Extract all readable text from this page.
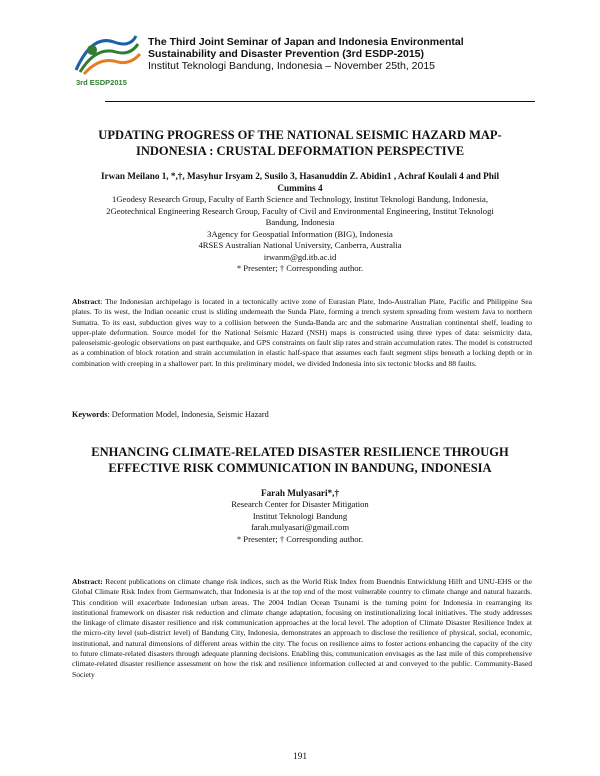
3rd ESDP2015
The Third Joint Seminar of Japan and Indonesia Environmental
Sustainability and Disaster Prevention (3rd ESDP-2015)
Institut Teknologi Bandung, Indonesia – November 25th, 2015
UPDATING PROGRESS OF THE NATIONAL SEISMIC HAZARD MAP-
INDONESIA : CRUSTAL DEFORMATION PERSPECTIVE
Irwan Meilano 1, *,†, Masyhur Irsyam 2, Susilo 3, Hasanuddin Z. Abidin1 , Achraf Koulali 4 and Phil
Cummins 4
1Geodesy Research Group, Faculty of Earth Science and Technology, Institut Teknologi Bandung, Indonesia,
2Geotechnical Engineering Research Group, Faculty of Civil and Environmental Engineering, Institut Teknologi
Bandung, Indonesia
3Agency for Geospatial Information (BIG), Indonesia
4RSES Australian National University, Canberra, Australia
irwanm@gd.itb.ac.id
* Presenter; † Corresponding author.
Abstract: The Indonesian archipelago is located in a tectonically active zone of Eurasian Plate, Indo-Australian Plate, Pacific and Philippine Sea plates. To its west, the Indian oceanic crust is sliding underneath the Sunda Plate, forming a trench system spreading from western Java to northern Sumatra. To its east, subduction gives way to a collision between the Sunda-Banda arc and the submarine Australian continental shelf, leading to upper-plate deformation. Source model for the National Seismic Hazard (NSH) maps is constructed using three types of data: seismicity data, paleoseismic-geologic observations on past earthquake, and GPS constraints on fault slip rates and strain accumulation rates. The model is constructed as a combination of block rotation and strain accumulation in elastic half-space that assumes each fault segment slips beneath a locking depth or in combination with creeping in a shallower part. In this preliminary model, we divided Indonesia into six tectonic blocks and 88 faults.
Keywords: Deformation Model, Indonesia, Seismic Hazard
ENHANCING CLIMATE-RELATED DISASTER RESILIENCE THROUGH
EFFECTIVE RISK COMMUNICATION IN BANDUNG, INDONESIA
Farah Mulyasari*,†
Research Center for Disaster Mitigation
Institut Teknologi Bandung
farah.mulyasari@gmail.com
* Presenter; † Corresponding author.
Abstract: Recent publications on climate change risk indices, such as the World Risk Index from Buendnis Entwicklung Hilft and UNU-EHS or the Global Climate Risk Index from Germanwatch, that Indonesia is at the top end of the most vulnerable country to climate change and natural hazards. This condition will exacerbate Indonesian urban areas. The 2004 Indian Ocean Tsunami is the turning point for Indonesia in rearranging its institutional framework on disaster risk reduction and climate change adaptation, focusing on institutionalizing local initiatives. The study addresses the linkage of climate disaster resilience and risk communication approaches at the local level. The adoption of Climate Disaster Resilience Index at the micro-city level (sub-district level) of Bandung City, Indonesia, demonstrates an approach to disclose the resilience of physical, social, economic, institutional, and natural dimensions of different areas within the city. The focus on resilience aims to foster actions enhancing the capacity of the city to future climate-related disasters through adequate planning decisions. Enabling this, communication envisages as the last mile of this comprehensive climate-related disaster resilience assessment on how the risk and resilience information collected at and conveyed to the public. Community-Based Society
191
